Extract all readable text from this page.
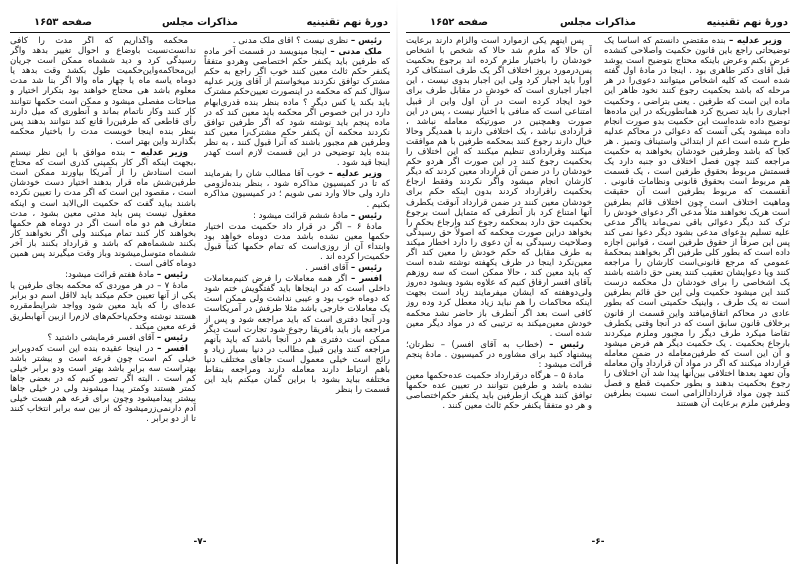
دورهٔ نهم تقنینیه
مذاکرات مجلس
صفحه ۱۶۵۲

وزیر عدلیه – بنده مقتضی دانستم که اساساً یک توضیحاتی راجع باین قانون حکمیت واصلاحی کنشده عرض بکنم وعرض باینکه محتاج بتوضیح است یوشد قبل آقای دکتر طاهری بود . اینجا در مادهٔ اول گفته شده است که کلیه اشخاص میتوانند دعوی‌را در هر مرحله که باشد بحکمیت رجوع کنند نخود ظاهر این ماده این است که طرفین . یعنی بتراضی ، وحکمیت اجباری را باید تصریح کرد همانطوریکه در این ماده‌ها توضیح داده شده‌است این حکمیت بدو صورت انجام داده میشود یکی آنست که دعوائی در محاکم عدلیه طرح شده است اعم از ابتدائی واستیناف وتمیز . هر کجا که باشد وطرفین خودشان بخواهند به حکمیت مراجعه کنند چون فصل اختلاف دو جنبه دارد یک قسمتش مربوط بحقوق طرفین است ، یک قسمت هم مربوط است بحقوق قانونی ونظامات قانونی . آنقسمت که مربوط بطرفین است آن حقیقت وماهیت اختلاف است چون اختلاف قائم بطرفین است هریک نخواهند مثلاً مدعی اگر دعوای خودش را ترک کند دیگر دعوائی باقی نمی‌ماند یااگر مدعی علیه تسلیم بدعوای مدعی بشود دیگر دعوا نمی کند پس این صرفاً از حقوق طرفین است ، قوانین اجازه داده است که بطور کلی طرفین اگر بخواهند بمحکمهٔ عمومی که مرجع قانونی‌است کارشان را مراجعه کنند ویا دعوایشان تعقیب کنند یعنی حق داشته باشند یک اشخاصی را برای خودشان دل محکمه درست کنند این میشود حکمیت ولی این حق قائم بطرفین است نه یک طرف ، واینیک حکمیتی است که بطور عادی در محاکم اتفاق‌میافتد واین قسمت از قانون برخلاف قانون سابق است که در آنجا وقتی یکطرف تقاضا میکرد طرف دیگر را مجبور وملزم میکردند بارجاع بحکمیت . یک حکمیت دیگر هم فرض میشود و آن این است که طرفین‌معامله در ضمن معامله قرارداد میکنند که اگر در مواد آن قرارداد وآن معامله وآن تعهد بعدها اختلافی بین‌آنها پیدا شد آن اختلاف را رجوع بحکمیت بدهند و بطور حکمیت قطع و فصل کنند چون مواد قراردادالزامی است نسبت بطرفین وطرفین ملزم برعایت آن هستند

پس اینهم یکی ازموارد است والزام دارند برعایت آن حالا که ملزم شد حالا که شخص با اشخاص خودشان را باختیار ملزم کرده اند برجوع بحکمیت پس‌درمورد بروز اختلاف اگر یک طرف استنکاف کرد اورا باید اجبار کرد ولی این اجبار بدوی نیست ، این اجبار اجباری است که خودش در مقابل طرف برای خود ایجاد کرده است در آن اول واین از قبیل امتناعی است که منافی با اختیار نیست ، پس در این صورت وهمچنین در صورتیکه معامله نباشد ، قراردادی نباشد ، یک اختلافی دارند با همدیگر وحالا خیال دارند رجوع کنند بمحکمه طرفین با هم موافقت میکنند وقراردادی تنظیم میکنند که این اختلاف را بحکمیت رجوع کنند در این صورت اگر هردو حکم خودشان را در ضمن آن قرارداد معین کردند که دیگر کارشان انجام میشود واگر نکردند وفقط ارجاع بحکمیت راقرارداد کردند بدون اینکه حکم برای خودشان معین کنند در ضمن قرارداد آنوقت یکطرف آنها امتناع کرد باز آنطرفی که متمایل است برجوع بحکمیت حق دارد بمحکمه رجوع کند وارجاع بحکم را بخواهد دراین صورت محکمه که اصولاً حق رسیدگی وصلاحیت رسیدگی به آن دعوی را دارد اخطار میکند به طرف مقابل که حکم خودش را معین کند اگر معین‌نکرد اینجا در ظرف یکهفته نوشته شده است که باید معین کند ، حالا ممکن است که سه روزهم بآقای افسر ارفاق کنیم که علاوه بشود وبشود ده‌روز ولی‌دوهفته که ایشان میفرمایند زیاد است بجهت اینکه محاکمات را هم نباید زیاد معطل کرد وده روز کافی است بعد اگر آنطرف باز حاضر نشد محکمه خودش معین‌میکند به ترتیبی که در مواد دیگر معین شده است .

رئیس – (خطاب به آقای افسر) – نظرتان؛ پیشنهاد کنید برای مشاوره در کمیسیون . مادهٔ پنجم قرائت میشود :

مادهٔ ۵ – هرگاه درقرارداد حکمیت عده‌حکمها معین نشده باشد و طرفین نتوانند در تعیین عده حکمها توافق کنند هریک ازطرفین باید یکنفر حکم‌اختصاصی و هر دو متفقاً یکنفر حکم ثالث معین کنند .

-۶-
دورهٔ نهم تقنینیه
مذاکرات مجلس
صفحه ۱۶۵۳

رئیس – نظری نیست ؟ آقای ملک مدنی .

ملک مدنی – اینجا مینویسد در قسمت آخر ماده که طرفین باید یکنفر حکم اختصاصی وهردو متفقاً یکنفر حکم ثالث معین کنند خوب اگر راجع به حکم مشترک توافق نکردند میخواستم از آقای وزیر عدلیه سؤال کنم که محکمه در اینصورت تعیین‌حکم مشترک باید بکند یا کس دیگر ؟ ماده بنظر بنده قدری‌ابهام دارد در این خصوص اگر محکمه باید معین کند که در ماده پنجم باید نوشته شود که اگر طرفین توافق نکردند محکمه آن یکنفر حکم مشترک‌را معین کند وطرفین هم مجبور باشند که آنرا قبول کنند ، به نظر بنده باید توضیحی در این قسمت لازم است کهدر اینجا قید شود .

وزیر عدلیه – خوب آقا مطالب شان را بفرمایند که تا در کمیسیون مذاکره شود ، بنظر بنده‌لزومی دارد ولی حالا وارد نمی شویم ؛ در کمیسیون مذاکره بکنیم .

رئیس – مادهٔ ششم قرائت میشود :

مادهٔ ۶ – اگر در قرار داد حکمیت مدت اختیار حکمها معین نشده باشد مدت دوماه خواهد بود وابتداء آن از روزی‌است که تمام حکمها کتباً قبول حکمیت‌را کرده اند .

رئیس – آقای افسر .

افسر – اگر همه معاملات را فرض کنیم‌معاملات داخلی است که در اینجاها باید گفتگویش ختم شود که دوماه خوب بود و عیبی نداشت ولی ممکن است یک معاملات خارجی باشد مثلا طرفش در آمریکا‌ست ودر آنجا دفتری است که باید مراجعه شود و پس از مراجعه باز باید بافریقا رجوع شود تجارت است دیگر ممکن است دفتری هم در آنجا باشد که باید بآنهم مراجعه کنند واین قبیل مطالب در دنیا بسیار زیاد و رائج است خیلی معمول است جاهای مختلف دنیا باهم ارتباط دارند معامله دارند ومراجعه بنقاط مختلفه بباید بشود با براین گمان میکنم باید این قسمت را بنظر

محکمه واگذاریم که اگر مدت را کافی ندانست‌نسبت باوضاع و احوال تغییر بدهد واگر رسیدگی کرد و دید ششماه ممکن است جریان این‌محاکمه‌واین‌حکمیت طول بکشد وقت بدهد یا دوماه یاسه ماه یا چهار ماه والا اگر بنا شد مدت معلوم باشد هی محتاج خواهند بود بتکرار اختیار و مباحثات مفصلی میشود و ممکن است حکمها نتوانند کار کنند وکار ناتمام بماند و آنطوری که میل دارند رأی قاطعی که طرفین‌را قانع کند نتوانند بدهند پس بنظر بنده اینجا خوبست مدت را باختیار محکمه بگذارند واین بهتر است .

وزیر عدلیه – بنده موافق با این نظر نیستم ،بجهت اینکه اگر کار بکمپنی کذری است که محتاج است اسنادش را از آمریکا بیاورند ممکن است طرفین‌شش ماه قرار بدهند اختیار دست خودشان است ، مقصود این است که اگر مدت را تعیین نکرده باشند بباید گفت که حکمیت الی‌الابد است و اینکه معقول نیست پس باید مدتی معین بشود ، مدت متعارف هم دو ماه است اگر در دوماه هم حکمها بخواهند کار کنند تمام میکنند ولی اگر نخواهند کار بکنند ششماه‌هم که باشد و قرارداد بکنند باز آخر ششماه متوسل‌میشوند وباز وقت میگیرند پس همین دوماه کافی است .

رئیس – مادهٔ هفتم قرائت میشود:

مادهٔ ۷ – در هر موردی که محکمه بجای طرفین یا یکی از آنها تعیین حکم میکند باید لااقل اسم دو برابر عده‌ای را که باید معین شود وواجد شرایط‌مقرره هستند نوشته وحکم‌یاحکم‌های لازم‌را ازبین آنها‌بطریق قرعه معین میکند .

رئیس – آقای افسر فرمایشی داشتید ؟

افسر – در اینجا عقیده بنده این است که‌دوبرابر خیلی کم است چون قرعه است و بیشتر باشد بهتراست سه برابر باشد بهتر است ودو برابر خیلی کم است . البته اگر تصور کنیم که در بعضی جاها کمتر هستند وکمتر پیدا میشوند ولی در خیلی جاها بیشتر پیدا‌میشود وچون برای قرعه هم هست خیلی آدم دارنمی‌زرمیشود که از بین سه برابر انتخاب کنند تا از دو برابر .

-۷-
